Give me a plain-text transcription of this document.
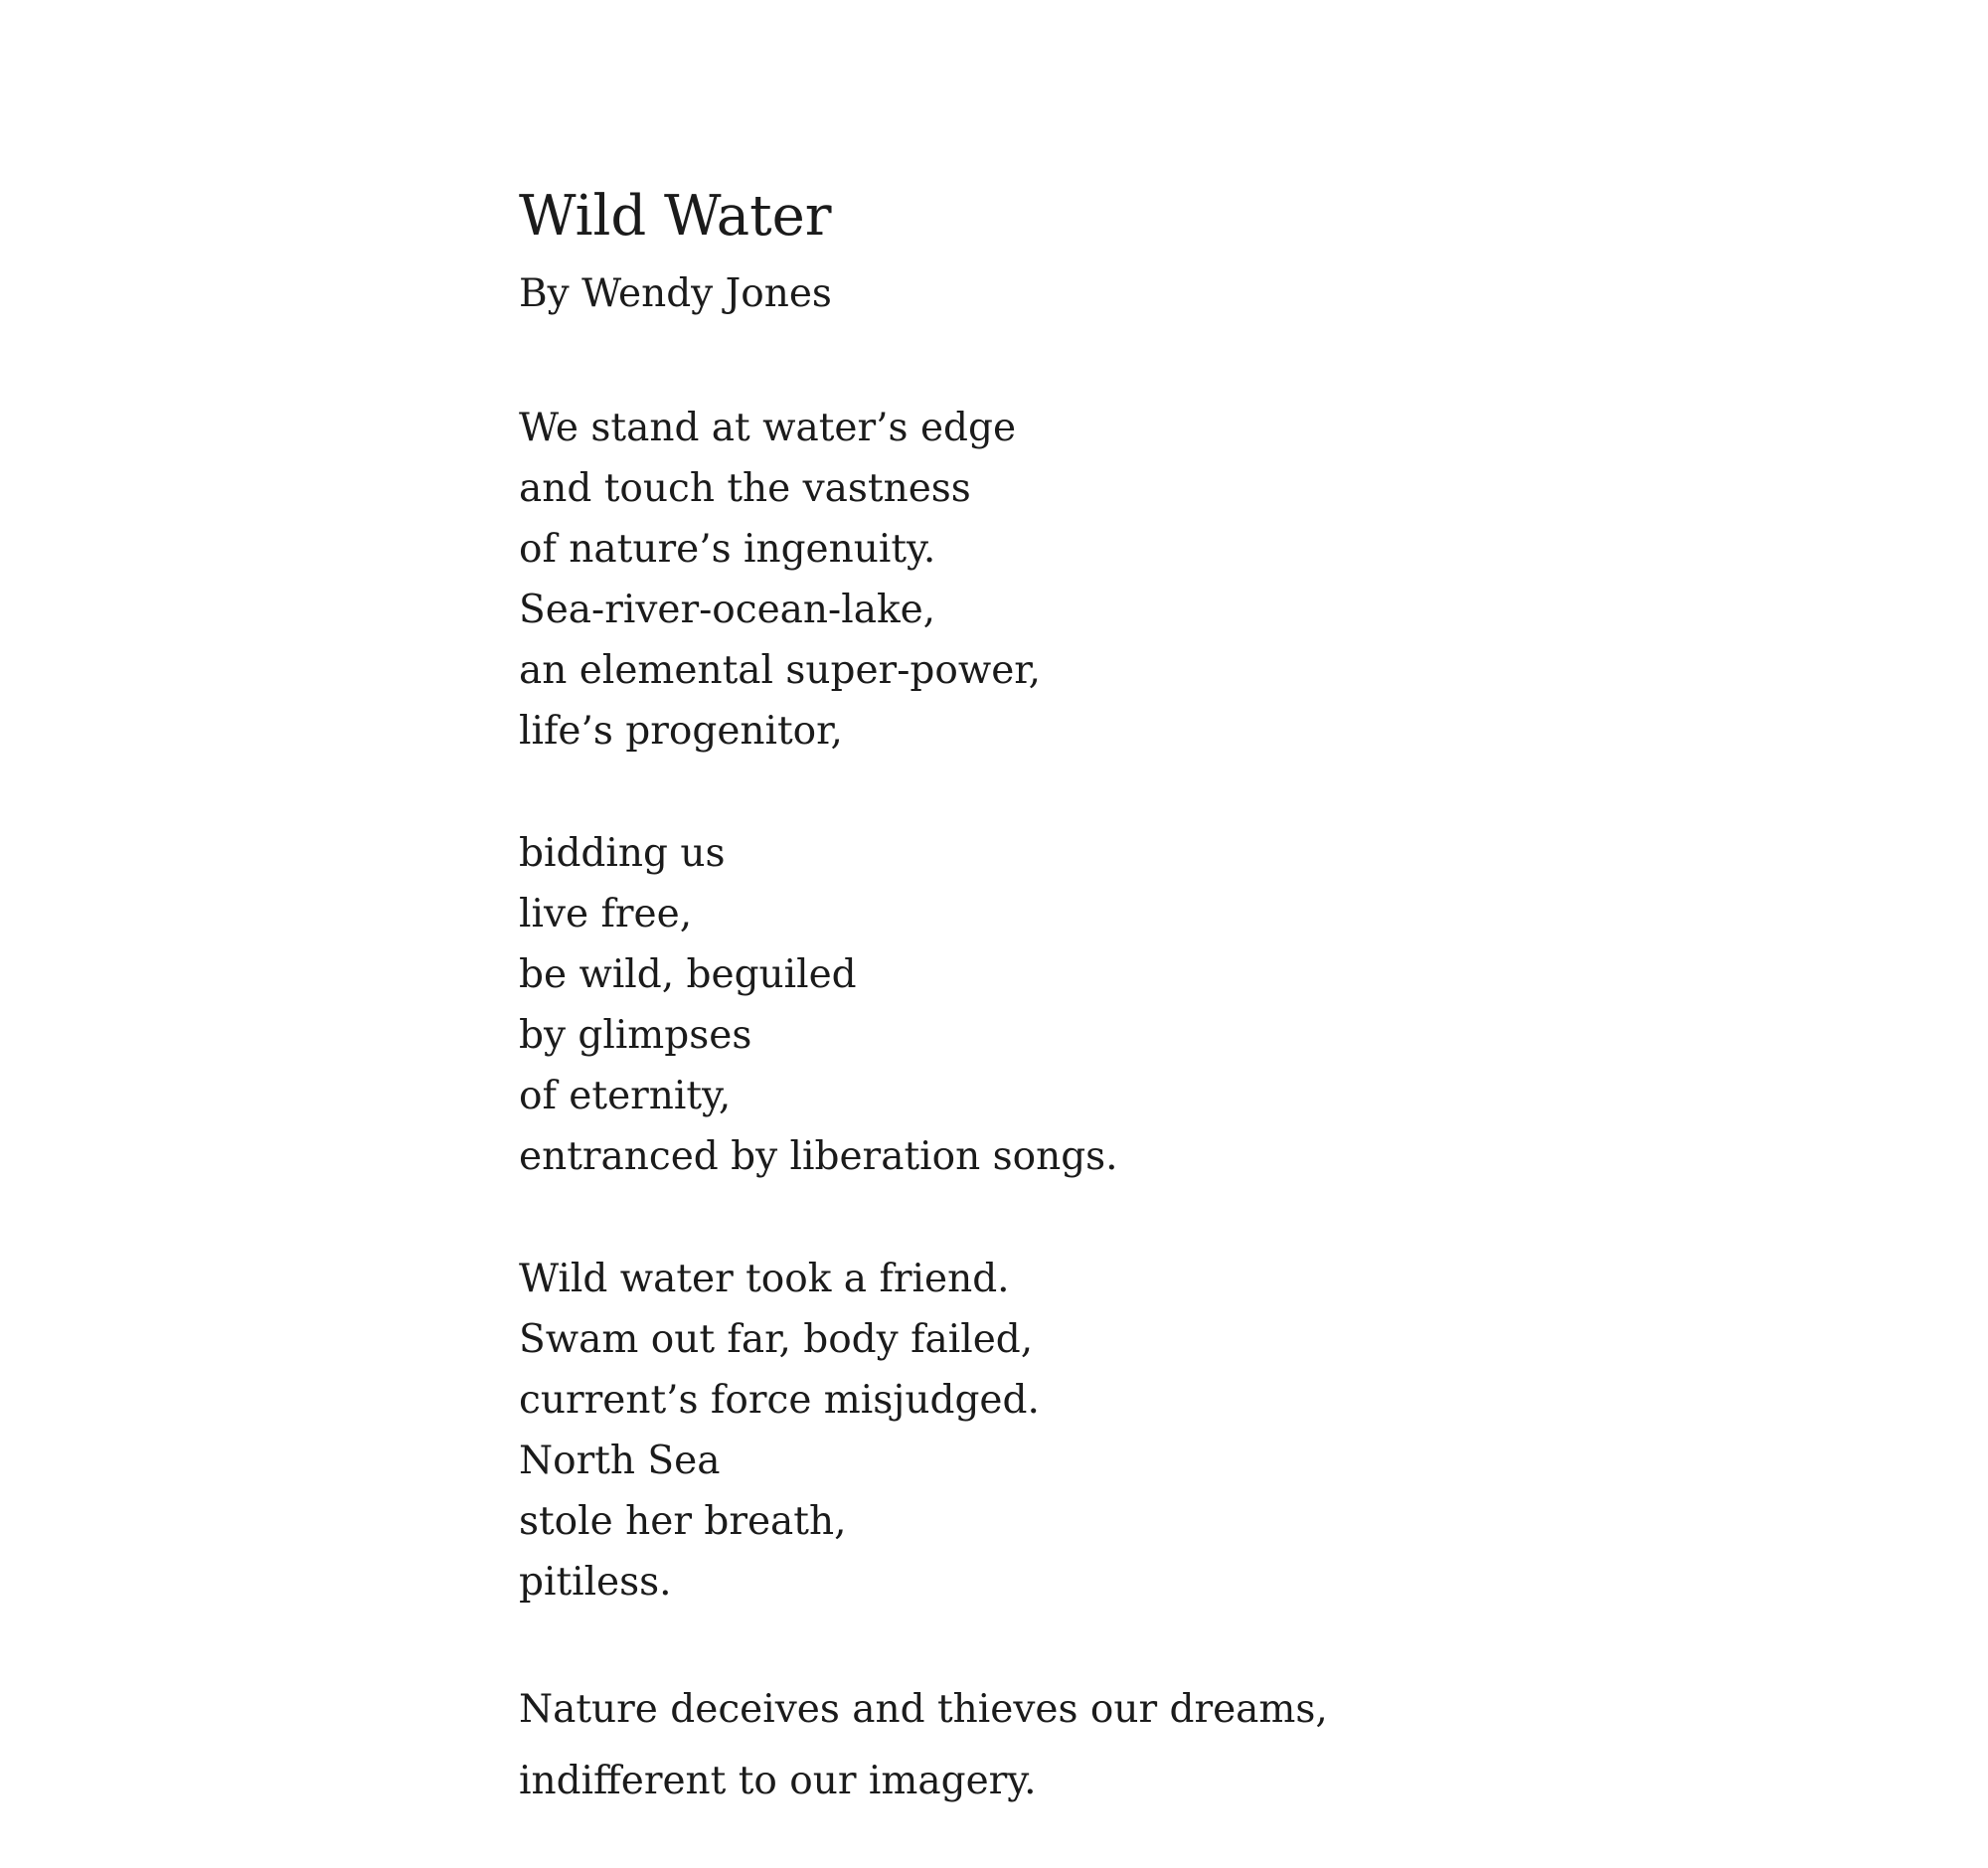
Wild Water

By Wendy Jones

We stand at water’s edge
and touch the vastness
of nature’s ingenuity.
Sea-river-ocean-lake,
an elemental super-power,
life’s progenitor,
bidding us
live free,
be wild, beguiled
by glimpses
of eternity,
entranced by liberation songs.
Wild water took a friend.
Swam out far, body failed,
current’s force misjudged.
North Sea
stole her breath,
pitiless.
Nature deceives and thieves our dreams,
indifferent to our imagery.
